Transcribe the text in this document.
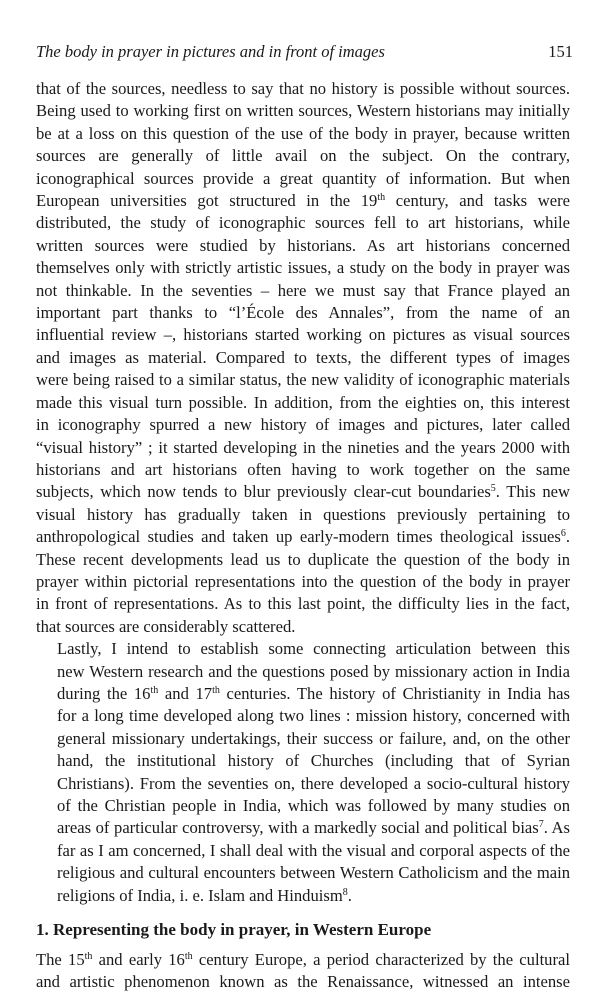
The body in prayer in pictures and in front of images	151

that of the sources, needless to say that no history is possible without sources.
Being used to working first on written sources, Western historians may initially
be at a loss on this question of the use of the body in prayer, because written
sources are generally of little avail on the subject. On the contrary,
iconographical sources provide a great quantity of information. But when
European universities got structured in the 19th century, and tasks were
distributed, the study of iconographic sources fell to art historians, while
written sources were studied by historians. As art historians concerned
themselves only with strictly artistic issues, a study on the body in prayer was
not thinkable. In the seventies – here we must say that France played an
important part thanks to “l’École des Annales”, from the name of an
influential review –, historians started working on pictures as visual sources
and images as material. Compared to texts, the different types of images
were being raised to a similar status, the new validity of iconographic materials
made this visual turn possible. In addition, from the eighties on, this interest
in iconography spurred a new history of images and pictures, later called
“visual history” ; it started developing in the nineties and the years 2000 with
historians and art historians often having to work together on the same
subjects, which now tends to blur previously clear-cut boundaries$^5$. This new
visual history has gradually taken in questions previously pertaining to
anthropological studies and taken up early-modern times theological issues$^6$.
These recent developments lead us to duplicate the question of the body in
prayer within pictorial representations into the question of the body in prayer
in front of representations. As to this last point, the difficulty lies in the fact,
that sources are considerably scattered.

Lastly, I intend to establish some connecting articulation between this
new Western research and the questions posed by missionary action in India
during the 16th and 17th centuries. The history of Christianity in India has
for a long time developed along two lines : mission history, concerned with
general missionary undertakings, their success or failure, and, on the other
hand, the institutional history of Churches (including that of Syrian
Christians). From the seventies on, there developed a socio-cultural history
of the Christian people in India, which was followed by many studies on
areas of particular controversy, with a markedly social and political bias$^7$. As
far as I am concerned, I shall deal with the visual and corporal aspects of the
religious and cultural encounters between Western Catholicism and the main
religions of India, i. e. Islam and Hinduism$^8$.

1. Representing the body in prayer, in Western Europe

The 15th and early 16th century Europe, a period characterized by the cultural
and artistic phenomenon known as the Renaissance, witnessed an intense
